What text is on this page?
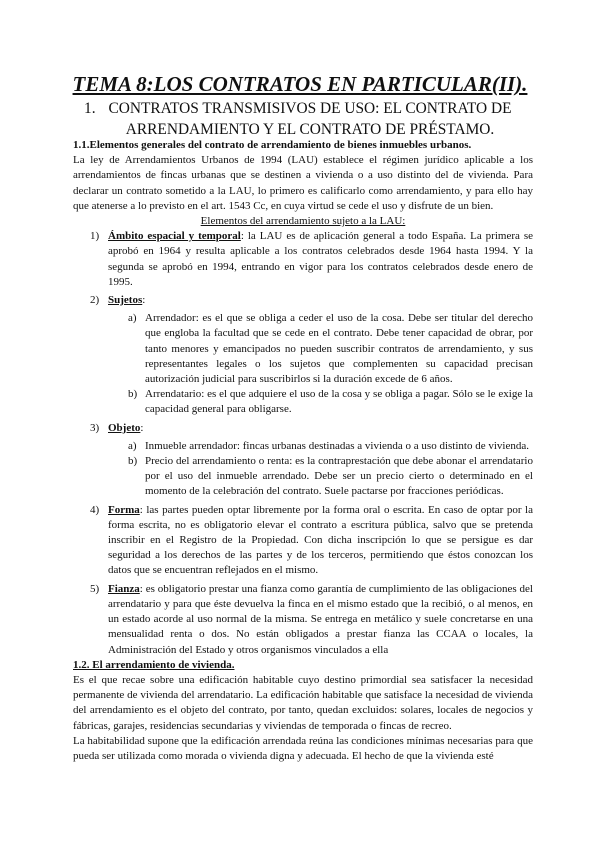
TEMA 8:LOS CONTRATOS EN PARTICULAR(II).
1. CONTRATOS TRANSMISIVOS DE USO: EL CONTRATO DE ARRENDAMIENTO Y EL CONTRATO DE PRÉSTAMO.
1.1.Elementos generales del contrato de arrendamiento de bienes inmuebles urbanos.
La ley de Arrendamientos Urbanos de 1994 (LAU) establece el régimen jurídico aplicable a los arrendamientos de fincas urbanas que se destinen a vivienda o a uso distinto del de vivienda. Para declarar un contrato sometido a la LAU, lo primero es calificarlo como arrendamiento, y para ello hay que atenerse a lo previsto en el art. 1543 Cc, en cuya virtud se cede el uso y disfrute de un bien.
Elementos del arrendamiento sujeto a la LAU:
1) Ámbito espacial y temporal: la LAU es de aplicación general a todo España. La primera se aprobó en 1964 y resulta aplicable a los contratos celebrados desde 1964 hasta 1994. Y la segunda se aprobó en 1994, entrando en vigor para los contratos celebrados desde enero de 1995.
2) Sujetos:
a) Arrendador: es el que se obliga a ceder el uso de la cosa. Debe ser titular del derecho que engloba la facultad que se cede en el contrato. Debe tener capacidad de obrar, por tanto menores y emancipados no pueden suscribir contratos de arrendamiento, y sus representantes legales o los sujetos que complementen su capacidad precisan autorización judicial para suscribirlos si la duración excede de 6 años.
b) Arrendatario: es el que adquiere el uso de la cosa y se obliga a pagar. Sólo se le exige la capacidad general para obligarse.
3) Objeto:
a) Inmueble arrendador: fincas urbanas destinadas a vivienda o a uso distinto de vivienda.
b) Precio del arrendamiento o renta: es la contraprestación que debe abonar el arrendatario por el uso del inmueble arrendado. Debe ser un precio cierto o determinado en el momento de la celebración del contrato. Suele pactarse por fracciones periódicas.
4) Forma: las partes pueden optar libremente por la forma oral o escrita. En caso de optar por la forma escrita, no es obligatorio elevar el contrato a escritura pública, salvo que se pretenda inscribir en el Registro de la Propiedad. Con dicha inscripción lo que se persigue es dar seguridad a los derechos de las partes y de los terceros, permitiendo que éstos conozcan los datos que se encuentran reflejados en el mismo.
5) Fianza: es obligatorio prestar una fianza como garantía de cumplimiento de las obligaciones del arrendatario y para que éste devuelva la finca en el mismo estado que la recibió, o al menos, en un estado acorde al uso normal de la misma. Se entrega en metálico y suele concretarse en una mensualidad renta o dos. No están obligados a prestar fianza las CCAA o locales, la Administración del Estado y otros organismos vinculados a ella
1.2. El arrendamiento de vivienda.
Es el que recae sobre una edificación habitable cuyo destino primordial sea satisfacer la necesidad permanente de vivienda del arrendatario. La edificación habitable que satisface la necesidad de vivienda del arrendamiento es el objeto del contrato, por tanto, quedan excluidos: solares, locales de negocios y fábricas, garajes, residencias secundarias y viviendas de temporada o fincas de recreo.
La habitabilidad supone que la edificación arrendada reúna las condiciones mínimas necesarias para que pueda ser utilizada como morada o vivienda digna y adecuada. El hecho de que la vivienda esté
